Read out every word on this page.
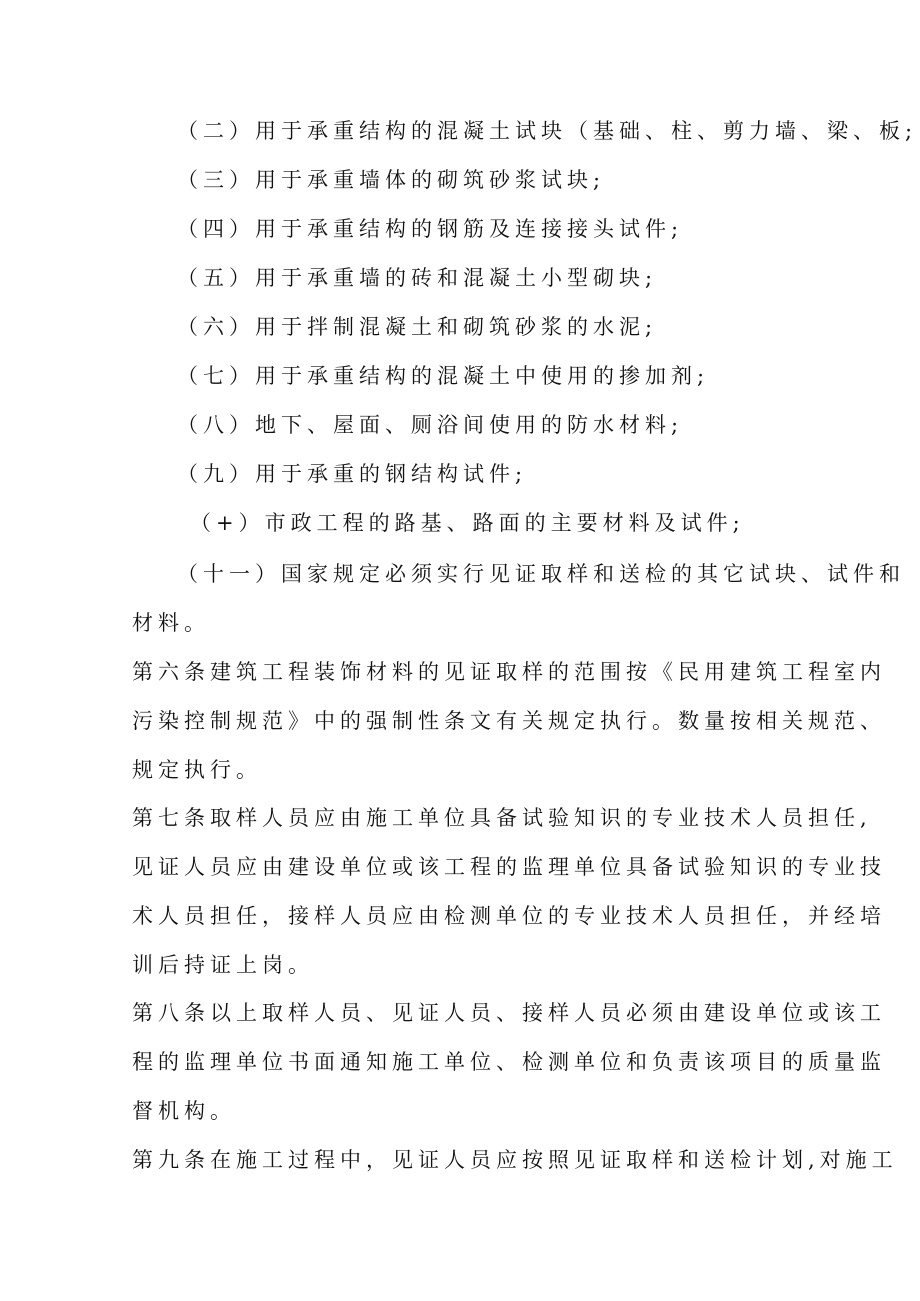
（二）用于承重结构的混凝土试块（基础、柱、剪力墙、梁、板;
（三）用于承重墙体的砌筑砂浆试块;
（四）用于承重结构的钢筋及连接接头试件;
（五）用于承重墙的砖和混凝土小型砌块;
（六）用于拌制混凝土和砌筑砂浆的水泥;
（七）用于承重结构的混凝土中使用的掺加剂;
（八）地下、屋面、厕浴间使用的防水材料;
（九）用于承重的钢结构试件;
（+）市政工程的路基、路面的主要材料及试件;
（十一）国家规定必须实行见证取样和送检的其它试块、试件和
材料。
第六条建筑工程装饰材料的见证取样的范围按《民用建筑工程室内
污染控制规范》中的强制性条文有关规定执行。数量按相关规范、
规定执行。
第七条取样人员应由施工单位具备试验知识的专业技术人员担任,
见证人员应由建设单位或该工程的监理单位具备试验知识的专业技
术人员担任，接样人员应由检测单位的专业技术人员担任，并经培
训后持证上岗。
第八条以上取样人员、见证人员、接样人员必须由建设单位或该工
程的监理单位书面通知施工单位、检测单位和负责该项目的质量监
督机构。
第九条在施工过程中，见证人员应按照见证取样和送检计划,对施工
